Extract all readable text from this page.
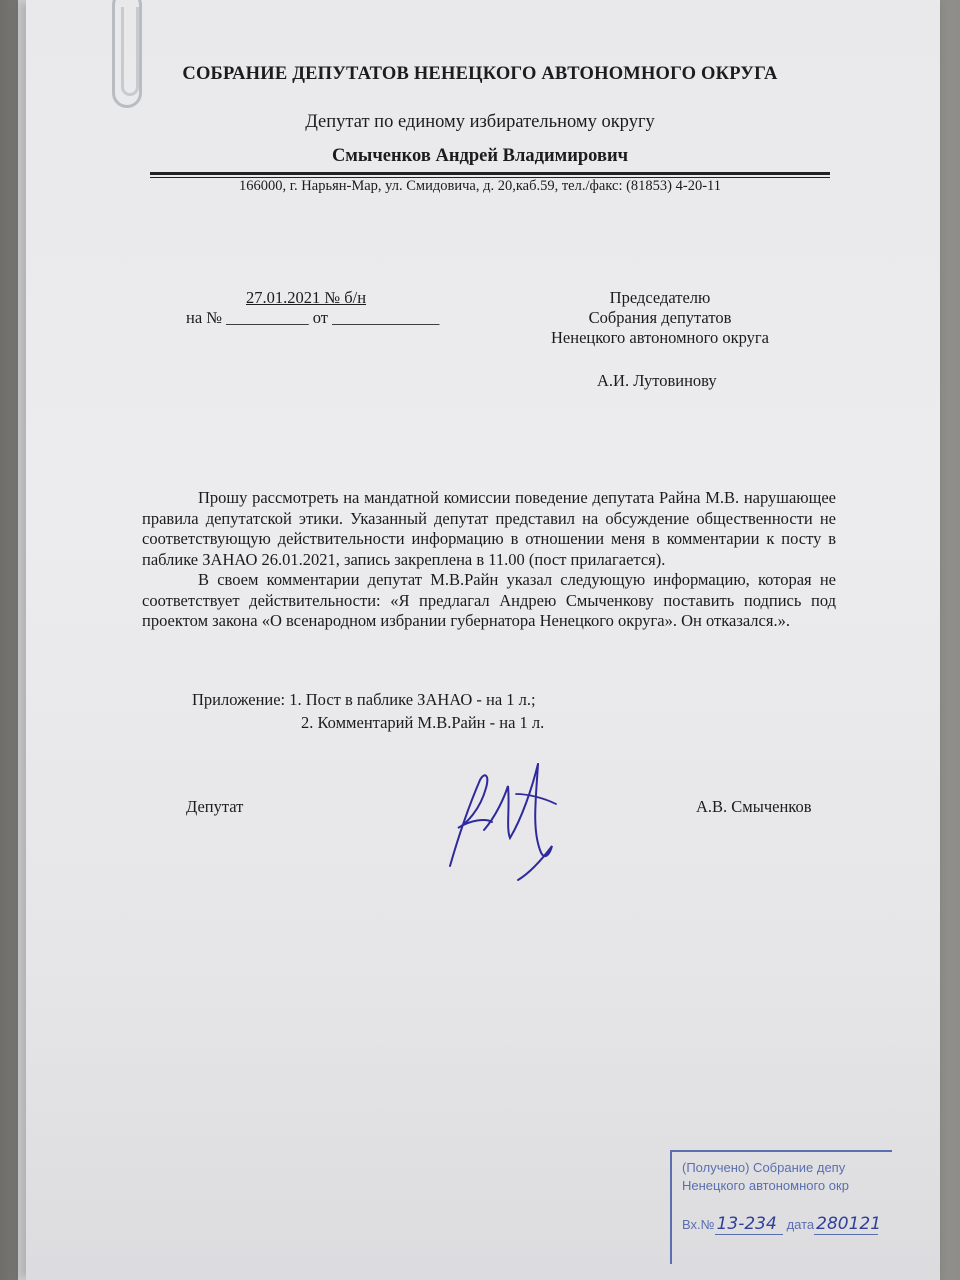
СОБРАНИЕ ДЕПУТАТОВ НЕНЕЦКОГО АВТОНОМНОГО ОКРУГА
Депутат по единому избирательному округу
Смыченков Андрей Владимирович
166000, г. Нарьян-Мар, ул. Смидовича, д. 20,каб.59, тел./факс: (81853) 4-20-11
27.01.2021 № б/н
на № __________ от _____________
Председателю
Собрания депутатов
Ненецкого автономного округа
А.И. Лутовинову

Прошу рассмотреть на мандатной комиссии поведение депутата Райна М.В. нарушающее правила депутатской этики. Указанный депутат представил на обсуждение общественности не соответствующую действительности информацию в отношении меня в комментарии к посту в паблике ЗАНАО 26.01.2021, запись закреплена в 11.00 (пост прилагается).

В своем комментарии депутат М.В.Райн указал следующую информацию, которая не соответствует действительности: «Я предлагал Андрею Смыченкову поставить подпись под проектом закона «О всенародном избрании губернатора Ненецкого округа». Он отказался.».

Приложение: 1. Пост в паблике ЗАНАО - на 1 л.;
2. Комментарий М.В.Райн - на 1 л.
Депутат	А.В. Смыченков
(Получено) Собрание депу
Ненецкого автономного окр
Вх.№ 13-234 дата 280121
